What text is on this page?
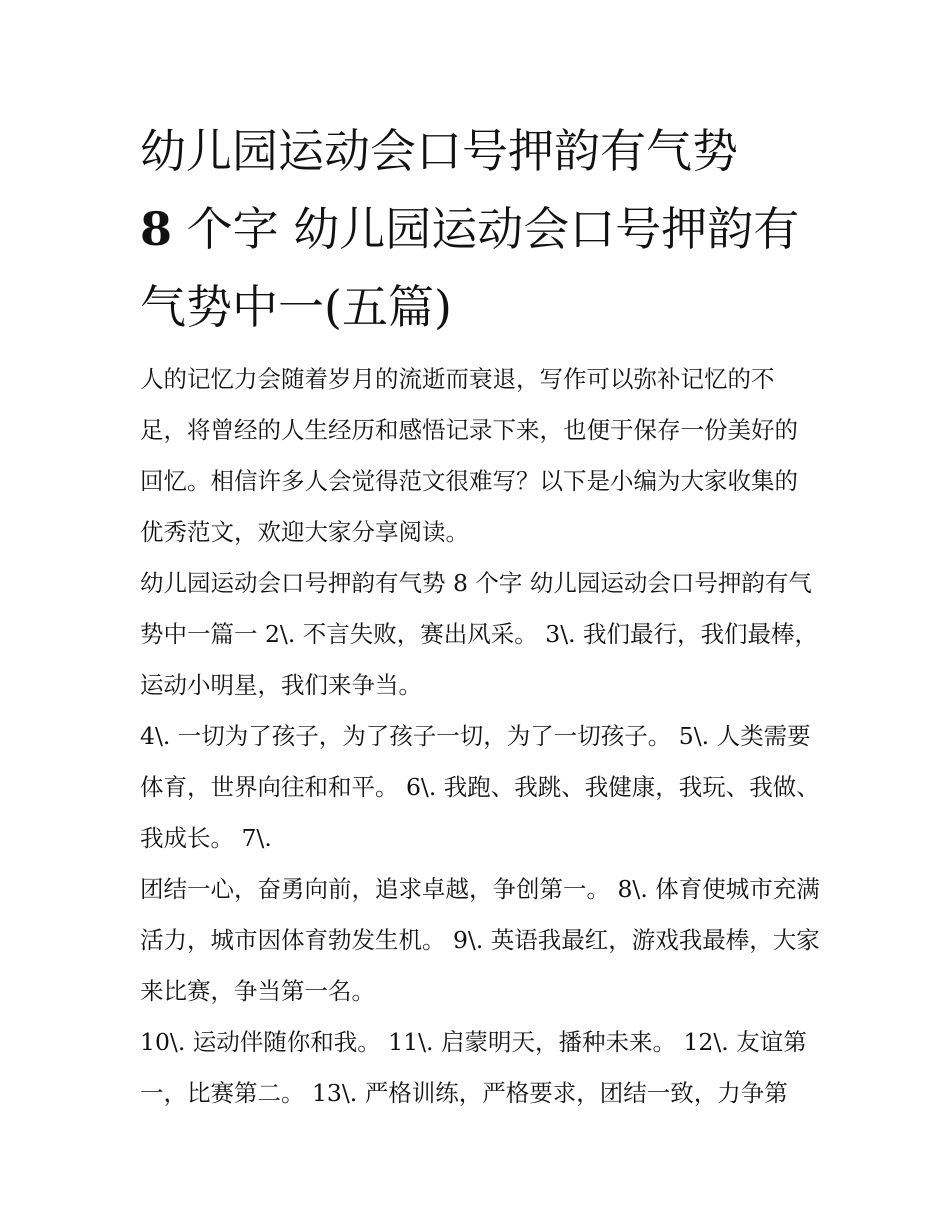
幼儿园运动会口号押韵有气势
8 个字 幼儿园运动会口号押韵有气势中一(五篇)

人的记忆力会随着岁月的流逝而衰退，写作可以弥补记忆的不足，将曾经的人生经历和感悟记录下来，也便于保存一份美好的回忆。相信许多人会觉得范文很难写？以下是小编为大家收集的优秀范文，欢迎大家分享阅读。

幼儿园运动会口号押韵有气势 8 个字 幼儿园运动会口号押韵有气势中一篇一 2\. 不言失败，赛出风采。 3\. 我们最行，我们最棒，运动小明星，我们来争当。

4\. 一切为了孩子，为了孩子一切，为了一切孩子。 5\. 人类需要体育，世界向往和和平。 6\. 我跑、我跳、我健康，我玩、我做、我成长。 7\.

团结一心，奋勇向前，追求卓越，争创第一。 8\. 体育使城市充满活力，城市因体育勃发生机。 9\. 英语我最红，游戏我最棒，大家来比赛，争当第一名。

10\. 运动伴随你和我。 11\. 启蒙明天，播种未来。 12\. 友谊第一，比赛第二。 13\. 严格训练，严格要求，团结一致，力争第
